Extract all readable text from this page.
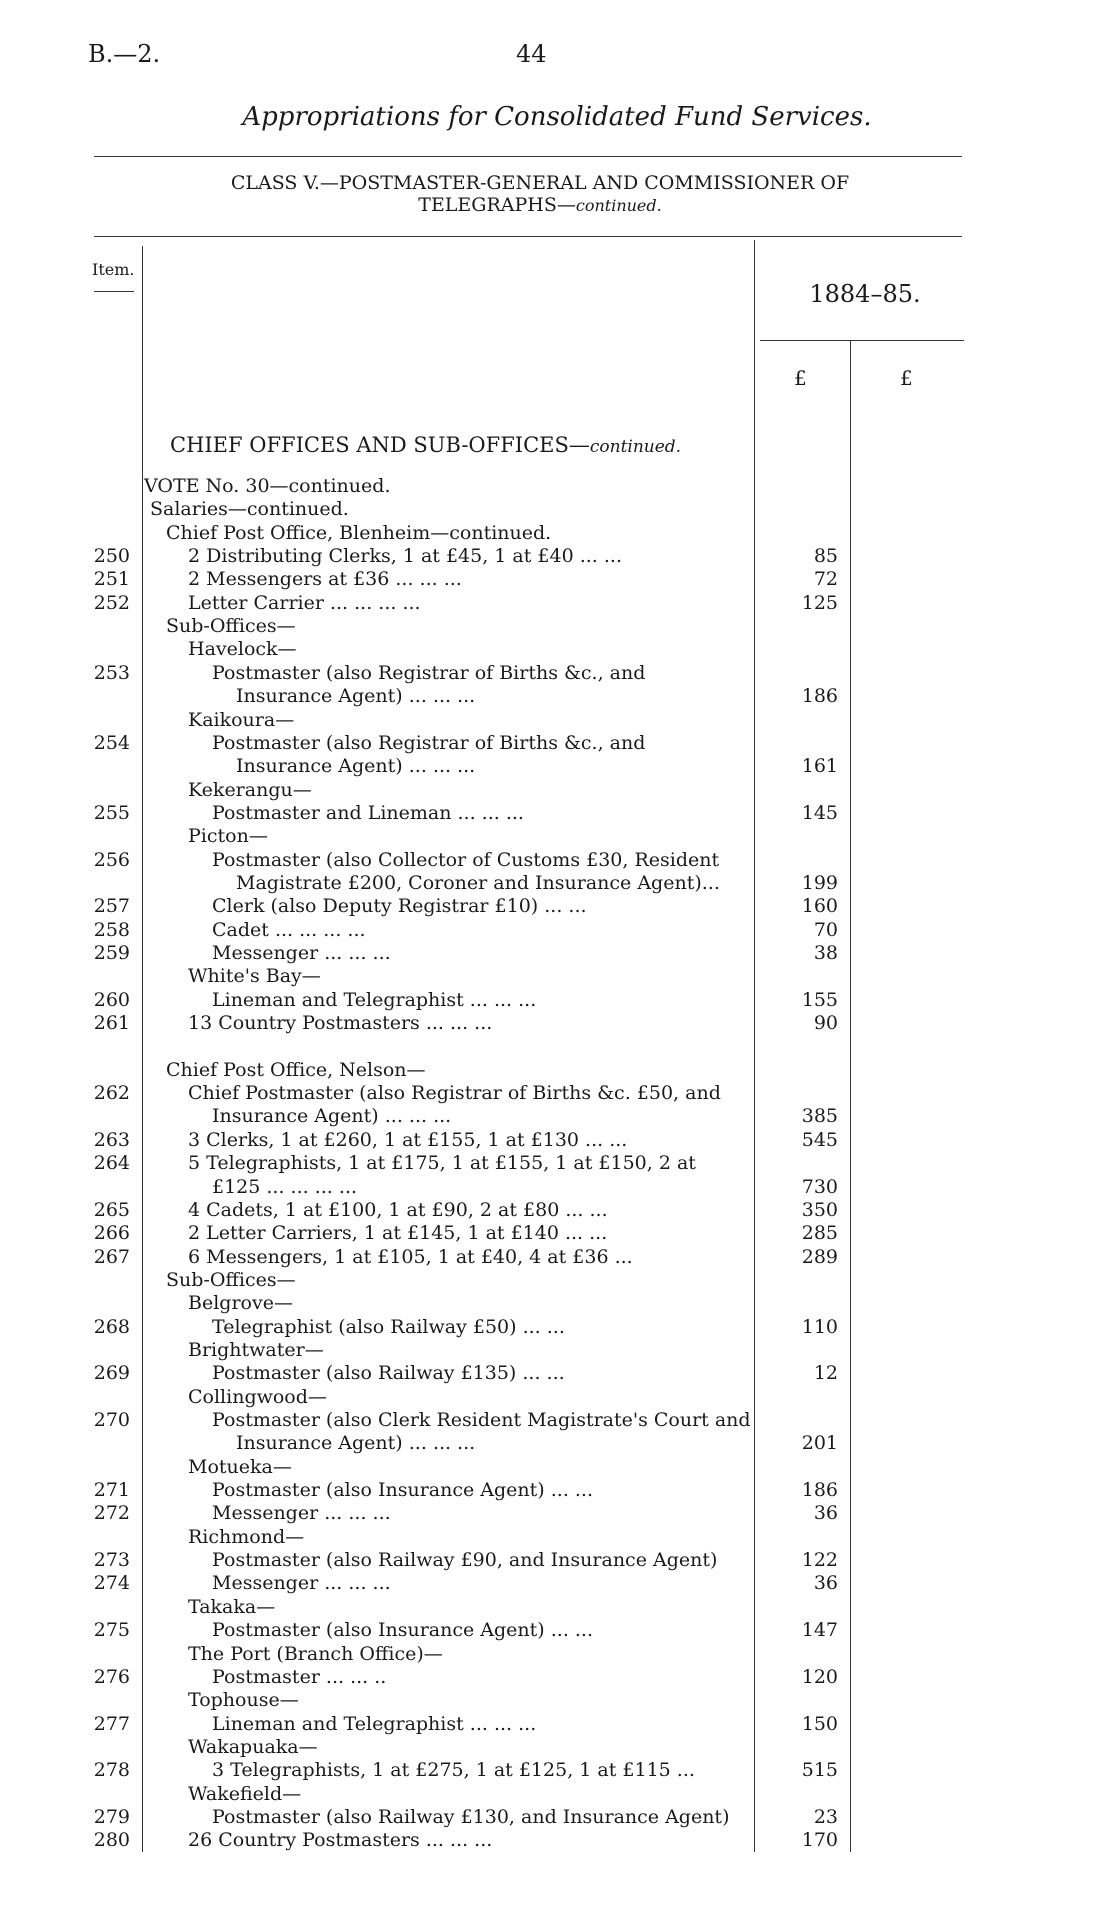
B.—2.	44
Appropriations for Consolidated Fund Services.
CLASS V.—POSTMASTER-GENERAL AND COMMISSIONER OF
TELEGRAPHS—continued.
Item.
1884–85.
£	£
CHIEF OFFICES AND SUB-OFFICES—continued.
VOTE No. 30—continued.
Salaries—continued.
Chief Post Office, Blenheim—continued.
250	2 Distributing Clerks, 1 at £45, 1 at £40 ... ...	85
251	2 Messengers at £36 ... ... ...	72
252	Letter Carrier ... ... ... ...	125
Sub-Offices—
Havelock—
253	Postmaster (also Registrar of Births &c., and
Insurance Agent) ... ... ...	186
Kaikoura—
254	Postmaster (also Registrar of Births &c., and
Insurance Agent) ... ... ...	161
Kekerangu—
255	Postmaster and Lineman ... ... ...	145
Picton—
256	Postmaster (also Collector of Customs £30, Resident
Magistrate £200, Coroner and Insurance Agent)...	199
257	Clerk (also Deputy Registrar £10) ... ...	160
258	Cadet ... ... ... ...	70
259	Messenger ... ... ...	38
White's Bay—
260	Lineman and Telegraphist ... ... ...	155
261	13 Country Postmasters ... ... ...	90
Chief Post Office, Nelson—
262	Chief Postmaster (also Registrar of Births &c. £50, and
Insurance Agent) ... ... ...	385
263	3 Clerks, 1 at £260, 1 at £155, 1 at £130 ... ...	545
264	5 Telegraphists, 1 at £175, 1 at £155, 1 at £150, 2 at
£125 ... ... ... ...	730
265	4 Cadets, 1 at £100, 1 at £90, 2 at £80 ... ...	350
266	2 Letter Carriers, 1 at £145, 1 at £140 ... ...	285
267	6 Messengers, 1 at £105, 1 at £40, 4 at £36 ...	289
Sub-Offices—
Belgrove—
268	Telegraphist (also Railway £50) ... ...	110
Brightwater—
269	Postmaster (also Railway £135) ... ...	12
Collingwood—
270	Postmaster (also Clerk Resident Magistrate's Court and
Insurance Agent) ... ... ...	201
Motueka—
271	Postmaster (also Insurance Agent) ... ...	186
272	Messenger ... ... ...	36
Richmond—
273	Postmaster (also Railway £90, and Insurance Agent)	122
274	Messenger ... ... ...	36
Takaka—
275	Postmaster (also Insurance Agent) ... ...	147
The Port (Branch Office)—
276	Postmaster ... ... ..	120
Tophouse—
277	Lineman and Telegraphist ... ... ...	150
Wakapuaka—
278	3 Telegraphists, 1 at £275, 1 at £125, 1 at £115 ...	515
Wakefield—
279	Postmaster (also Railway £130, and Insurance Agent)	23
280	26 Country Postmasters ... ... ...	170
